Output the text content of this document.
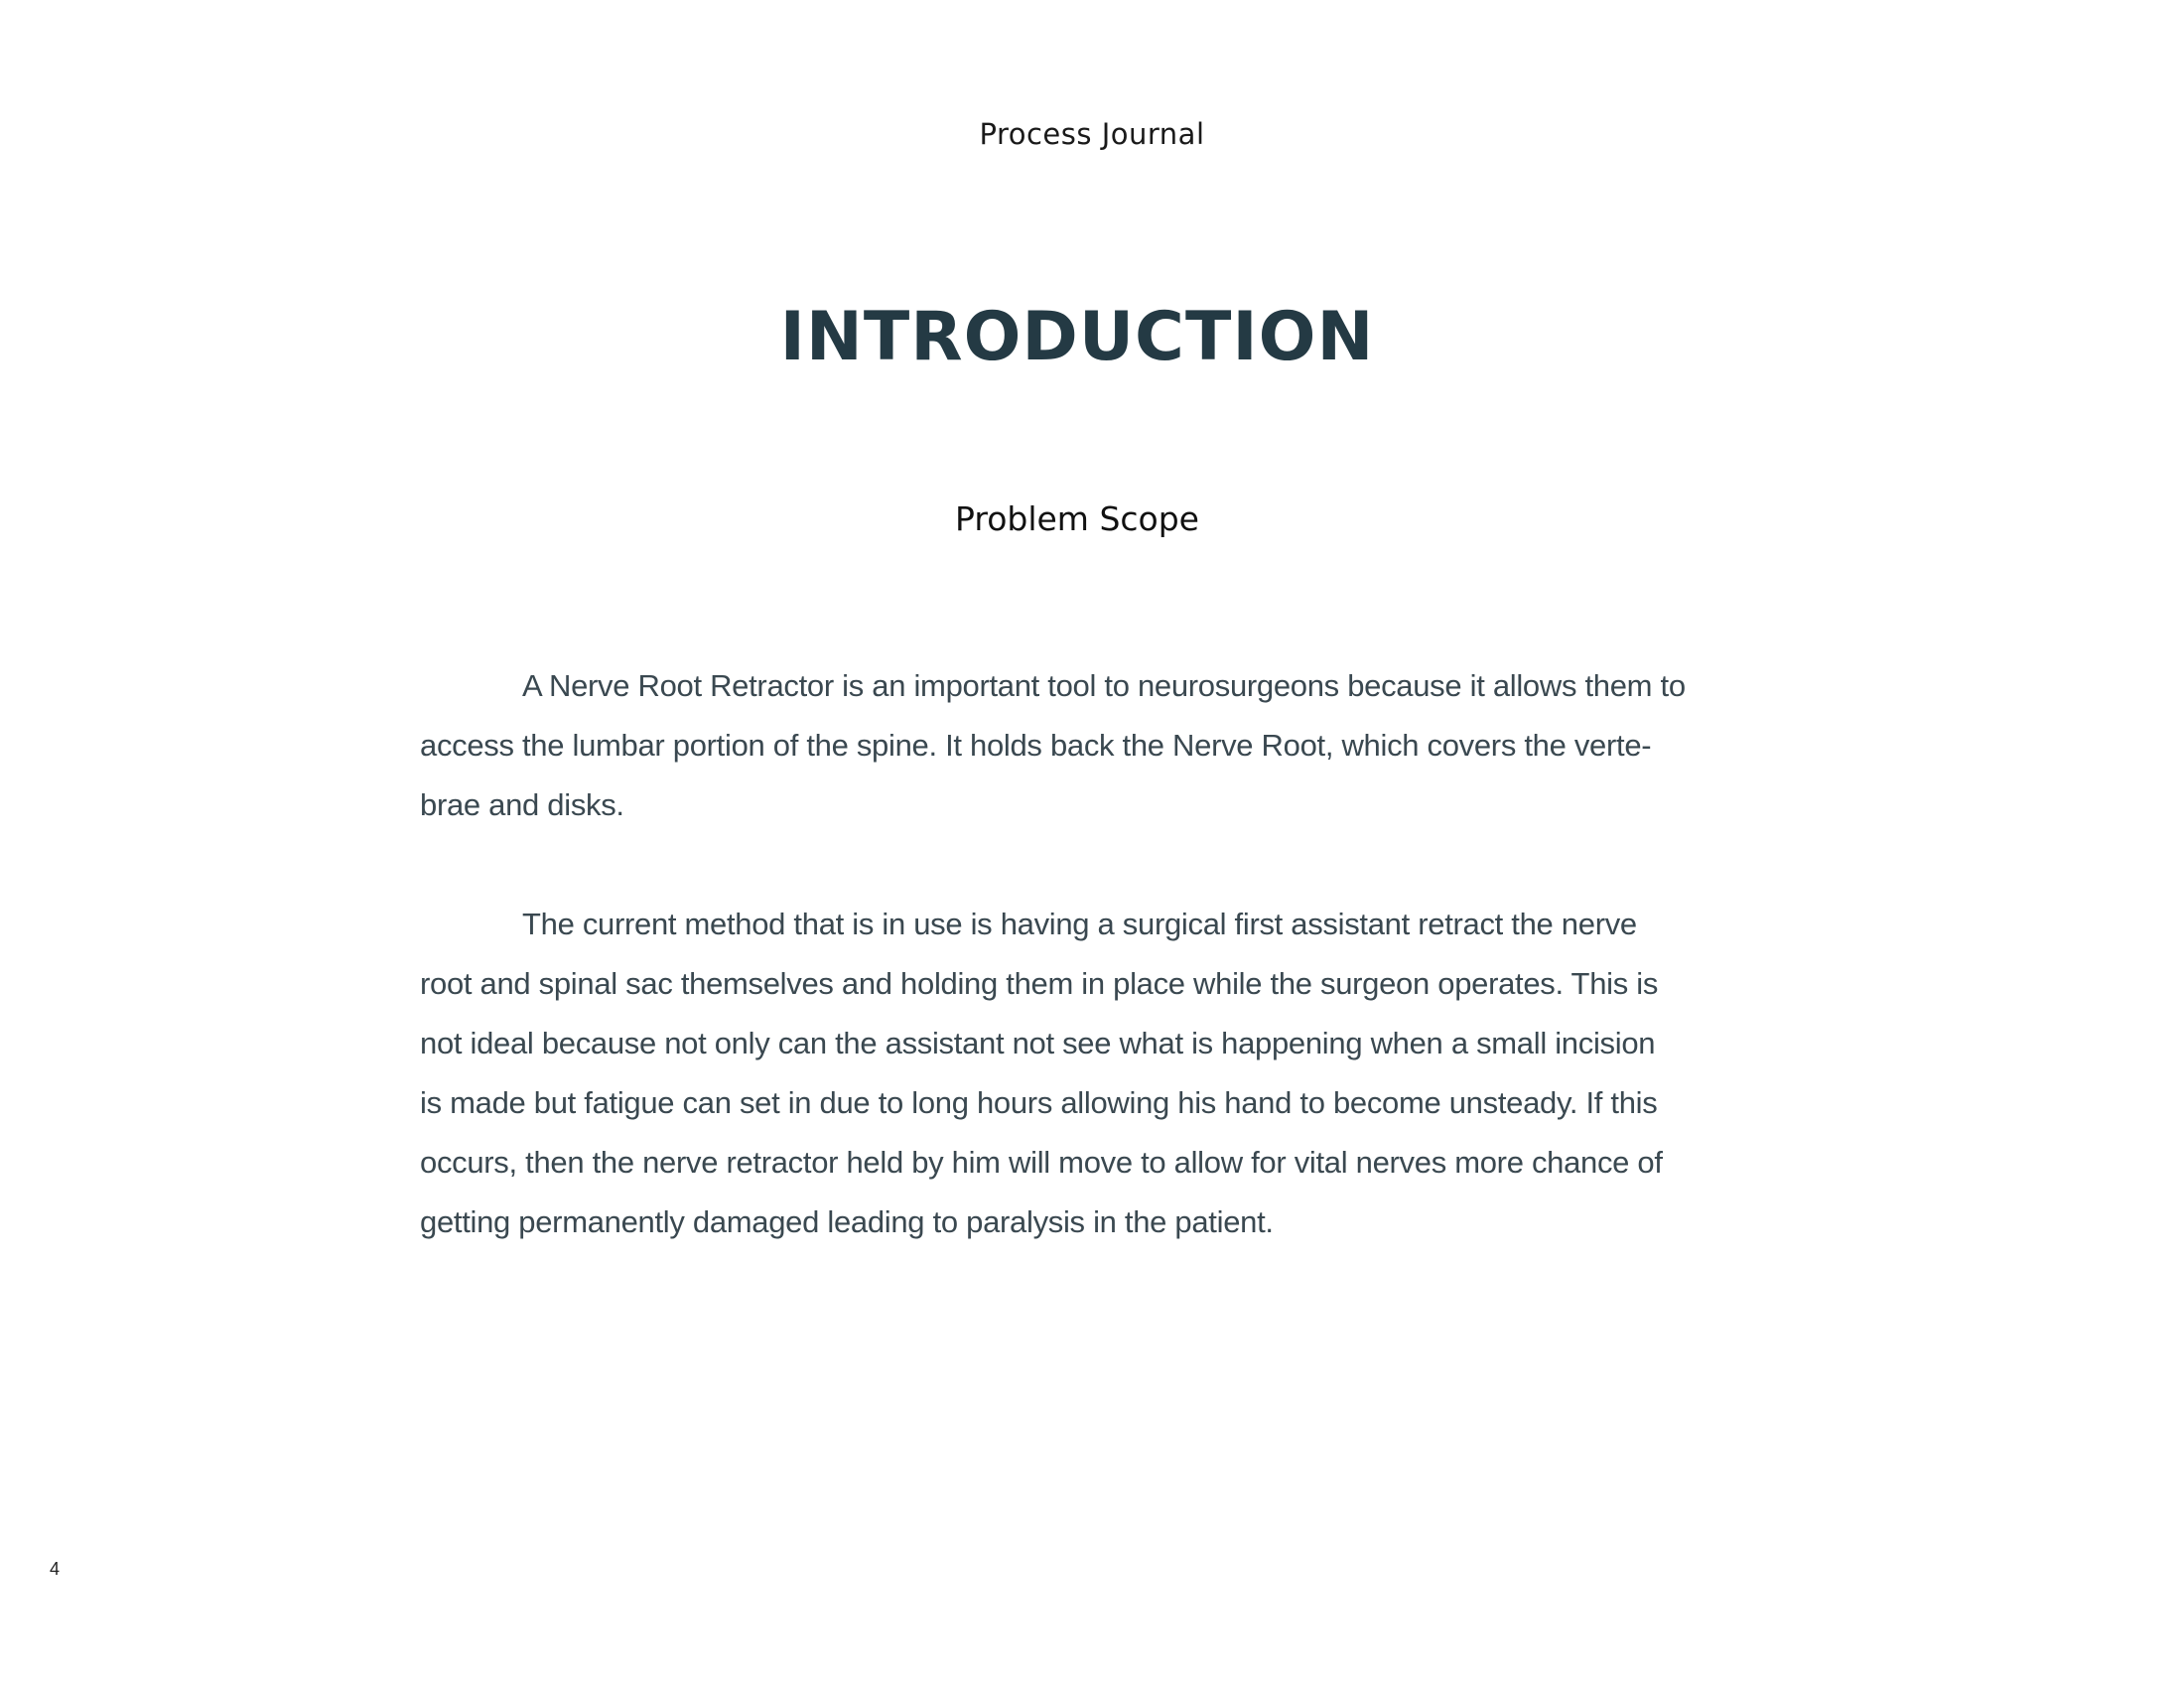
Process Journal
INTRODUCTION
Problem Scope

A Nerve Root Retractor is an important tool to neurosurgeons because it allows them to
access the lumbar portion of the spine. It holds back the Nerve Root, which covers the verte-
brae and disks.

The current method that is in use is having a surgical first assistant retract the nerve
root and spinal sac themselves and holding them in place while the surgeon operates. This is
not ideal because not only can the assistant not see what is happening when a small incision
is made but fatigue can set in due to long hours allowing his hand to become unsteady. If this
occurs, then the nerve retractor held by him will move to allow for vital nerves more chance of
getting permanently damaged leading to paralysis in the patient.

4
